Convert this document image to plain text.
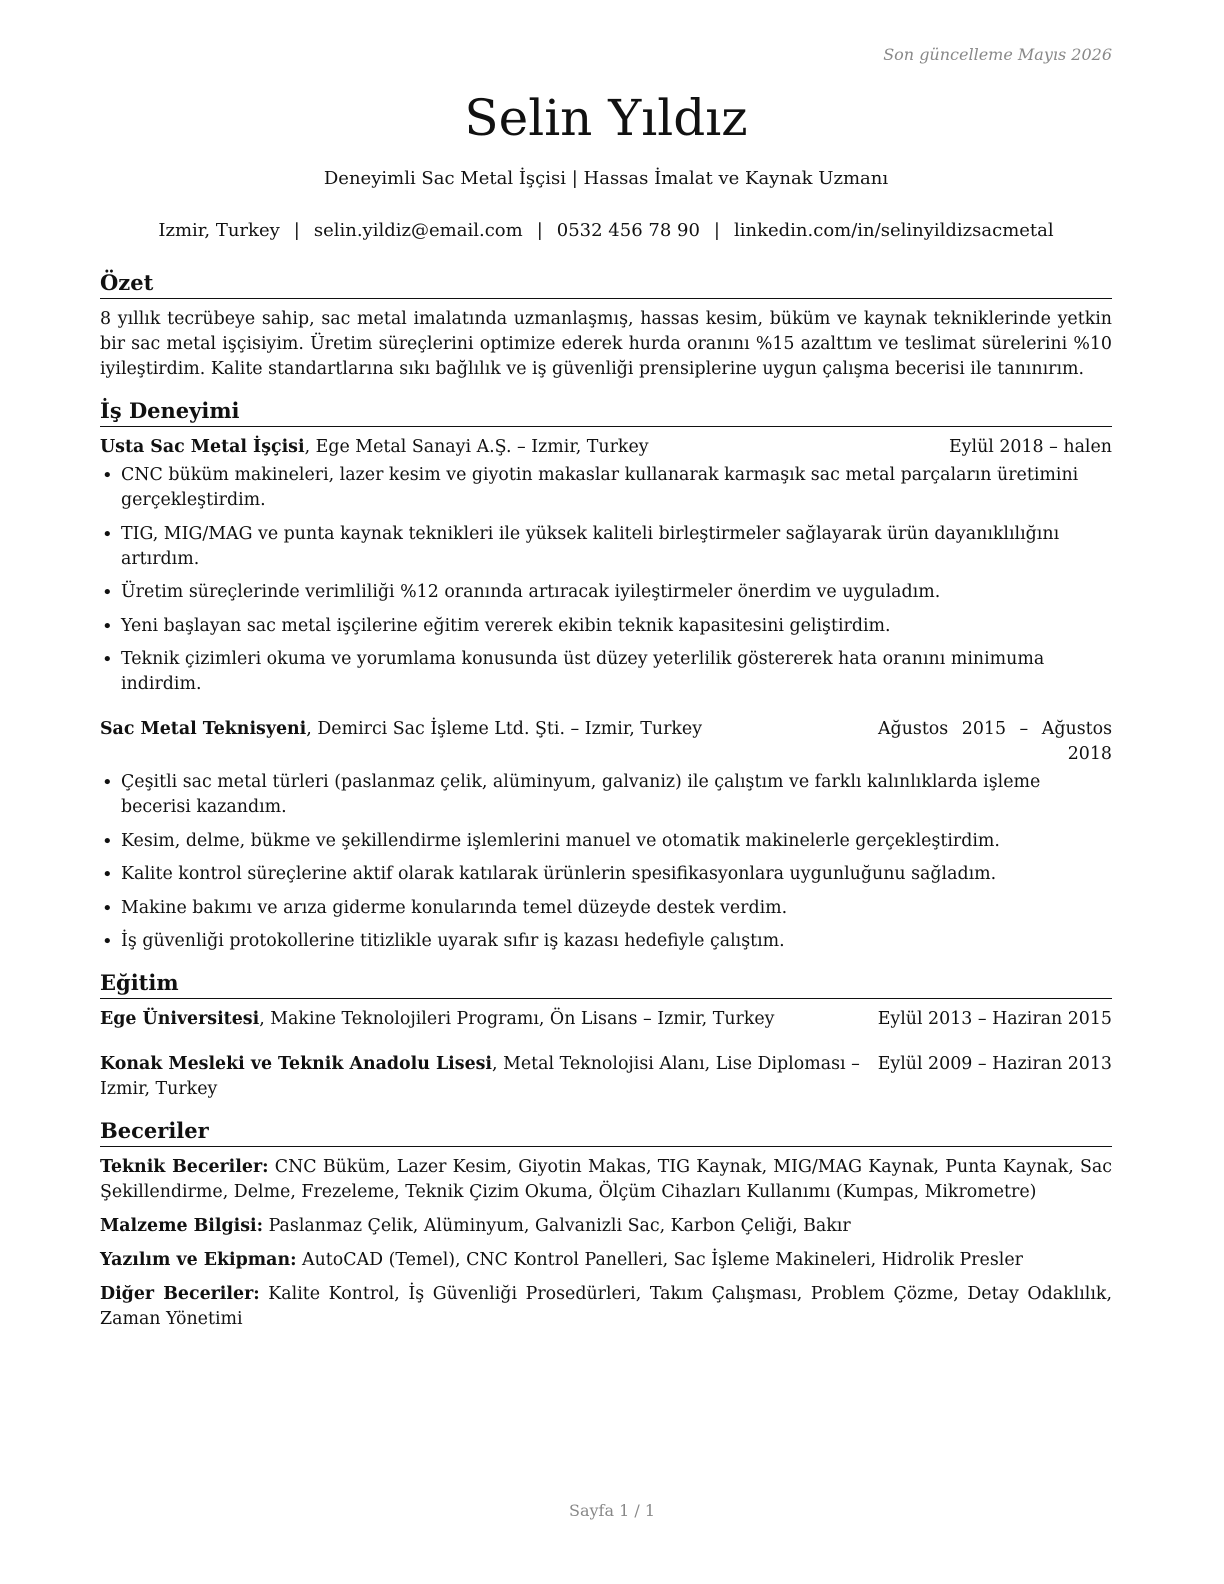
Son güncelleme Mayıs 2026
Selin Yıldız
Deneyimli Sac Metal İşçisi | Hassas İmalat ve Kaynak Uzmanı
Izmir, Turkey | selin.yildiz@email.com | 0532 456 78 90 | linkedin.com/in/selinyildizsacmetal
Özet

8 yıllık tecrübeye sahip, sac metal imalatında uzmanlaşmış, hassas kesim, büküm ve kaynak tekniklerinde yetkin bir sac metal işçisiyim. Üretim süreçlerini optimize ederek hurda oranını %15 azalttım ve teslimat sürelerini %10 iyileştirdim. Kalite standartlarına sıkı bağlılık ve iş güvenliği prensiplerine uygun çalışma becerisi ile tanınırım.

İş Deneyimi
Usta Sac Metal İşçisi, Ege Metal Sanayi A.Ş. – Izmir, Turkey	Eylül 2018 – halen
• CNC büküm makineleri, lazer kesim ve giyotin makaslar kullanarak karmaşık sac metal parçaların üretimini gerçekleştirdim.
• TIG, MIG/MAG ve punta kaynak teknikleri ile yüksek kaliteli birleştirmeler sağlayarak ürün dayanıklılığını artırdım.
• Üretim süreçlerinde verimliliği %12 oranında artıracak iyileştirmeler önerdim ve uyguladım.
• Yeni başlayan sac metal işçilerine eğitim vererek ekibin teknik kapasitesini geliştirdim.
• Teknik çizimleri okuma ve yorumlama konusunda üst düzey yeterlilik göstererek hata oranını minimuma indirdim.
Sac Metal Teknisyeni, Demirci Sac İşleme Ltd. Şti. – Izmir, Turkey	Ağustos 2015 – Ağustos 2018
• Çeşitli sac metal türleri (paslanmaz çelik, alüminyum, galvaniz) ile çalıştım ve farklı kalınlıklarda işleme becerisi kazandım.
• Kesim, delme, bükme ve şekillendirme işlemlerini manuel ve otomatik makinelerle gerçekleştirdim.
• Kalite kontrol süreçlerine aktif olarak katılarak ürünlerin spesifikasyonlara uygunluğunu sağladım.
• Makine bakımı ve arıza giderme konularında temel düzeyde destek verdim.
• İş güvenliği protokollerine titizlikle uyarak sıfır iş kazası hedefiyle çalıştım.
Eğitim
Ege Üniversitesi, Makine Teknolojileri Programı, Ön Lisans – Izmir, Turkey	Eylül 2013 – Haziran 2015
Konak Mesleki ve Teknik Anadolu Lisesi, Metal Teknolojisi Alanı, Lise Diploması – Izmir, Turkey
Eylül 2009 – Haziran 2013
Beceriler

Teknik Beceriler: CNC Büküm, Lazer Kesim, Giyotin Makas, TIG Kaynak, MIG/MAG Kaynak, Punta Kaynak, Sac Şekillendirme, Delme, Frezeleme, Teknik Çizim Okuma, Ölçüm Cihazları Kullanımı (Kumpas, Mikrometre)

Malzeme Bilgisi: Paslanmaz Çelik, Alüminyum, Galvanizli Sac, Karbon Çeliği, Bakır

Yazılım ve Ekipman: AutoCAD (Temel), CNC Kontrol Panelleri, Sac İşleme Makineleri, Hidrolik Presler

Diğer Beceriler: Kalite Kontrol, İş Güvenliği Prosedürleri, Takım Çalışması, Problem Çözme, Detay Odaklılık, Zaman Yönetimi

Sayfa 1 / 1
